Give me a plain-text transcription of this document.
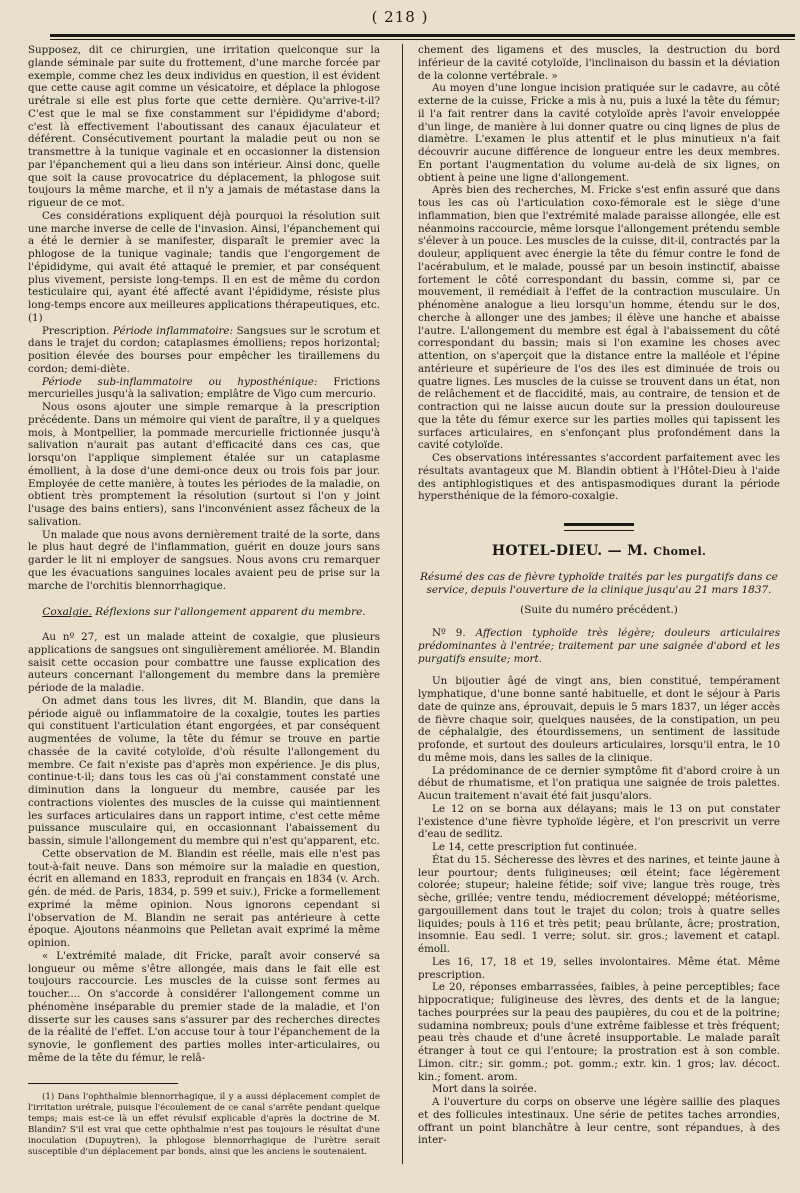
( 218 )

Supposez, dit ce chirurgien, une irritation quelconque sur la glande séminale par suite du frottement, d'une marche forcée par exemple, comme chez les deux individus en question, il est évident que cette cause agit comme un vésicatoire, et déplace la phlogose urétrale si elle est plus forte que cette dernière. Qu'arrive-t-il? C'est que le mal se fixe constamment sur l'épididyme d'abord; c'est là effectivement l'aboutissant des canaux éjaculateur et déférent. Consécutivement pourtant la maladie peut ou non se transmettre à la tunique vaginale et en occasionner la distension par l'épanchement qui a lieu dans son intérieur. Ainsi donc, quelle que soit la cause provocatrice du déplacement, la phlogose suit toujours la même marche, et il n'y a jamais de métastase dans la rigueur de ce mot.

Ces considérations expliquent déjà pourquoi la résolution suit une marche inverse de celle de l'invasion. Ainsi, l'épanchement qui a été le dernier à se manifester, disparaît le premier avec la phlogose de la tunique vaginale; tandis que l'engorgement de l'épididyme, qui avait été attaqué le premier, et par conséquent plus vivement, persiste long-temps. Il en est de même du cordon testiculaire qui, ayant été affecté avant l'épididyme, résiste plus long-temps encore aux meilleures applications thérapeutiques, etc. (1)

Prescription. Période inflammatoire: Sangsues sur le scrotum et dans le trajet du cordon; cataplasmes émolliens; repos horizontal; position élevée des bourses pour empêcher les tiraillemens du cordon; demi-diète.

Période sub-inflammatoire ou hyposthénique: Frictions mercurielles jusqu'à la salivation; emplâtre de Vigo cum mercurio.

Nous osons ajouter une simple remarque à la prescription précédente. Dans un mémoire qui vient de paraître, il y a quelques mois, à Montpellier, la pommade mercurielle frictionnée jusqu'à salivation n'aurait pas autant d'efficacité dans ces cas, que lorsqu'on l'applique simplement étalée sur un cataplasme émollient, à la dose d'une demi-once deux ou trois fois par jour. Employée de cette manière, à toutes les périodes de la maladie, on obtient très promptement la résolution (surtout si l'on y joint l'usage des bains entiers), sans l'inconvénient assez fâcheux de la salivation.

Un malade que nous avons dernièrement traité de la sorte, dans le plus haut degré de l'inflammation, guérit en douze jours sans garder le lit ni employer de sangsues. Nous avons cru remarquer que les évacuations sanguines locales avaient peu de prise sur la marche de l'orchitis blennorrhagique.

Coxalgie. Réflexions sur l'allongement apparent du membre.

Au nº 27, est un malade atteint de coxalgie, que plusieurs applications de sangsues ont singulièrement améliorée. M. Blandin saisit cette occasion pour combattre une fausse explication des auteurs concernant l'allongement du membre dans la première période de la maladie.

On admet dans tous les livres, dit M. Blandin, que dans la période aiguë ou inflammatoire de la coxalgie, toutes les parties qui constituent l'articulation étant engorgées, et par conséquent augmentées de volume, la tête du fémur se trouve en partie chassée de la cavité cotyloïde, d'où résulte l'allongement du membre. Ce fait n'existe pas d'après mon expérience. Je dis plus, continue-t-il; dans tous les cas où j'ai constamment constaté une diminution dans la longueur du membre, causée par les contractions violentes des muscles de la cuisse qui maintiennent les surfaces articulaires dans un rapport intime, c'est cette même puissance musculaire qui, en occasionnant l'abaissement du bassin, simule l'allongement du membre qui n'est qu'apparent, etc.

Cette observation de M. Blandin est réelle, mais elle n'est pas tout-à-fait neuve. Dans son mémoire sur la maladie en question, écrit en allemand en 1833, reproduit en français en 1834 (v. Arch. gén. de méd. de Paris, 1834, p. 599 et suiv.), Fricke a formellement exprimé la même opinion. Nous ignorons cependant si l'observation de M. Blandin ne serait pas antérieure à cette époque. Ajoutons néanmoins que Pelletan avait exprimé la même opinion.

« L'extrémité malade, dit Fricke, paraît avoir conservé sa longueur ou même s'être allongée, mais dans le fait elle est toujours raccourcie. Les muscles de la cuisse sont fermes au toucher.... On s'accorde à considérer l'allongement comme un phénomène inséparable du premier stade de la maladie, et l'on disserte sur les causes sans s'assurer par des recherches directes de la réalité de l'effet. L'on accuse tour à tour l'épanchement de la synovie, le gonflement des parties molles inter-articulaires, ou même de la tête du fémur, le relâ-

(1) Dans l'ophthalmie blennorrhagique, il y a aussi déplacement complet de l'irritation urétrale, puisque l'écoulement de ce canal s'arrête pendant quelque temps; mais est-ce là un effet révulsif explicable d'après la doctrine de M. Blandin? S'il est vrai que cette ophthalmie n'est pas toujours le résultat d'une inoculation (Dupuytren), la phlogose blennorrhagique de l'urètre serait susceptible d'un déplacement par bonds, ainsi que les anciens le soutenaient.

chement des ligamens et des muscles, la destruction du bord inférieur de la cavité cotyloïde, l'inclinaison du bassin et la déviation de la colonne vertébrale. »

Au moyen d'une longue incision pratiquée sur le cadavre, au côté externe de la cuisse, Fricke a mis à nu, puis a luxé la tête du fémur; il l'a fait rentrer dans la cavité cotyloïde après l'avoir enveloppée d'un linge, de manière à lui donner quatre ou cinq lignes de plus de diamètre. L'examen le plus attentif et le plus minutieux n'a fait découvrir aucune différence de longueur entre les deux membres. En portant l'augmentation du volume au-delà de six lignes, on obtient à peine une ligne d'allongement.

Après bien des recherches, M. Fricke s'est enfin assuré que dans tous les cas où l'articulation coxo-fémorale est le siège d'une inflammation, bien que l'extrémité malade paraisse allongée, elle est néanmoins raccourcie, même lorsque l'allongement prétendu semble s'élever à un pouce. Les muscles de la cuisse, dit-il, contractés par la douleur, appliquent avec énergie la tête du fémur contre le fond de l'acérabulum, et le malade, poussé par un besoin instinctif, abaisse fortement le côté correspondant du bassin, comme si, par ce mouvement, il remédiait à l'effet de la contraction musculaire. Un phénomène analogue a lieu lorsqu'un homme, étendu sur le dos, cherche à allonger une des jambes; il élève une hanche et abaisse l'autre. L'allongement du membre est égal à l'abaissement du côté correspondant du bassin; mais si l'on examine les choses avec attention, on s'aperçoit que la distance entre la malléole et l'épine antérieure et supérieure de l'os des iles est diminuée de trois ou quatre lignes. Les muscles de la cuisse se trouvent dans un état, non de relâchement et de flaccidité, mais, au contraire, de tension et de contraction qui ne laisse aucun doute sur la pression douloureuse que la tête du fémur exerce sur les parties molles qui tapissent les surfaces articulaires, en s'enfonçant plus profondément dans la cavité cotyloïde.

Ces observations intéressantes s'accordent parfaitement avec les résultats avantageux que M. Blandin obtient à l'Hôtel-Dieu à l'aide des antiphlogistiques et des antispasmodiques durant la période hypersthénique de la fémoro-coxalgie.

HOTEL-DIEU. — M. Chomel.

Résumé des cas de fièvre typhoïde traités par les purgatifs dans ce service, depuis l'ouverture de la clinique jusqu'au 21 mars 1837.

(Suite du numéro précédent.)

Nº 9. Affection typhoïde très légère; douleurs articulaires prédominantes à l'entrée; traitement par une saignée d'abord et les purgatifs ensuite; mort.

Un bijoutier âgé de vingt ans, bien constitué, tempérament lymphatique, d'une bonne santé habituelle, et dont le séjour à Paris date de quinze ans, éprouvait, depuis le 5 mars 1837, un léger accès de fièvre chaque soir, quelques nausées, de la constipation, un peu de céphalalgie, des étourdissemens, un sentiment de lassitude profonde, et surtout des douleurs articulaires, lorsqu'il entra, le 10 du même mois, dans les salles de la clinique.

La prédominance de ce dernier symptôme fit d'abord croire à un début de rhumatisme, et l'on pratiqua une saignée de trois palettes. Aucun traitement n'avait été fait jusqu'alors.

Le 12 on se borna aux délayans; mais le 13 on put constater l'existence d'une fièvre typhoïde légère, et l'on prescrivit un verre d'eau de sedlitz.

Le 14, cette prescription fut continuée.

État du 15. Sécheresse des lèvres et des narines, et teinte jaune à leur pourtour; dents fuligineuses; œil éteint; face légèrement colorée; stupeur; haleine fétide; soif vive; langue très rouge, très sèche, grillée; ventre tendu, médiocrement développé; météorisme, gargouillement dans tout le trajet du colon; trois à quatre selles liquides; pouls à 116 et très petit; peau brûlante, âcre; prostration, insomnie. Eau sedl. 1 verre; solut. sir. gros.; lavement et catapl. émoll.

Les 16, 17, 18 et 19, selles involontaires. Même état. Même prescription.

Le 20, réponses embarrassées, faibles, à peine perceptibles; face hippocratique; fuligineuse des lèvres, des dents et de la langue; taches pourprées sur la peau des paupières, du cou et de la poitrine; sudamina nombreux; pouls d'une extrême faiblesse et très fréquent; peau très chaude et d'une âcreté insupportable. Le malade paraît étranger à tout ce qui l'entoure; la prostration est à son comble. Limon. citr.; sir. gomm.; pot. gomm.; extr. kin. 1 gros; lav. décoct. kin.; foment. arom.

Mort dans la soirée.

A l'ouverture du corps on observe une légère saillie des plaques et des follicules intestinaux. Une série de petites taches arrondies, offrant un point blanchâtre à leur centre, sont répandues, à des inter-
